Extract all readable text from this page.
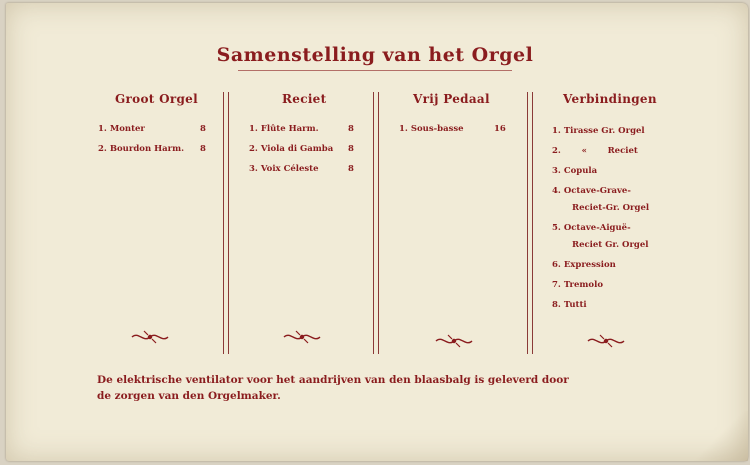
Samenstelling van het Orgel
Groot Orgel
1. Monter	8
2. Bourdon Harm. 8
Reciet
1. Flûte Harm.	8
2. Viola di Gamba 8
3. Voix Céleste	8
Vrij Pedaal
1. Sous-basse	16
Verbindingen
1. Tirasse Gr. Orgel
2.       «       Reciet
3. Copula
4. Octave-Grave-
Reciet-Gr. Orgel
5. Octave-Aiguë-
Reciet Gr. Orgel
6. Expression
7. Tremolo
8. Tutti
De elektrische ventilator voor het aandrijven van den blaasbalg is geleverd door
de zorgen van den Orgelmaker.
